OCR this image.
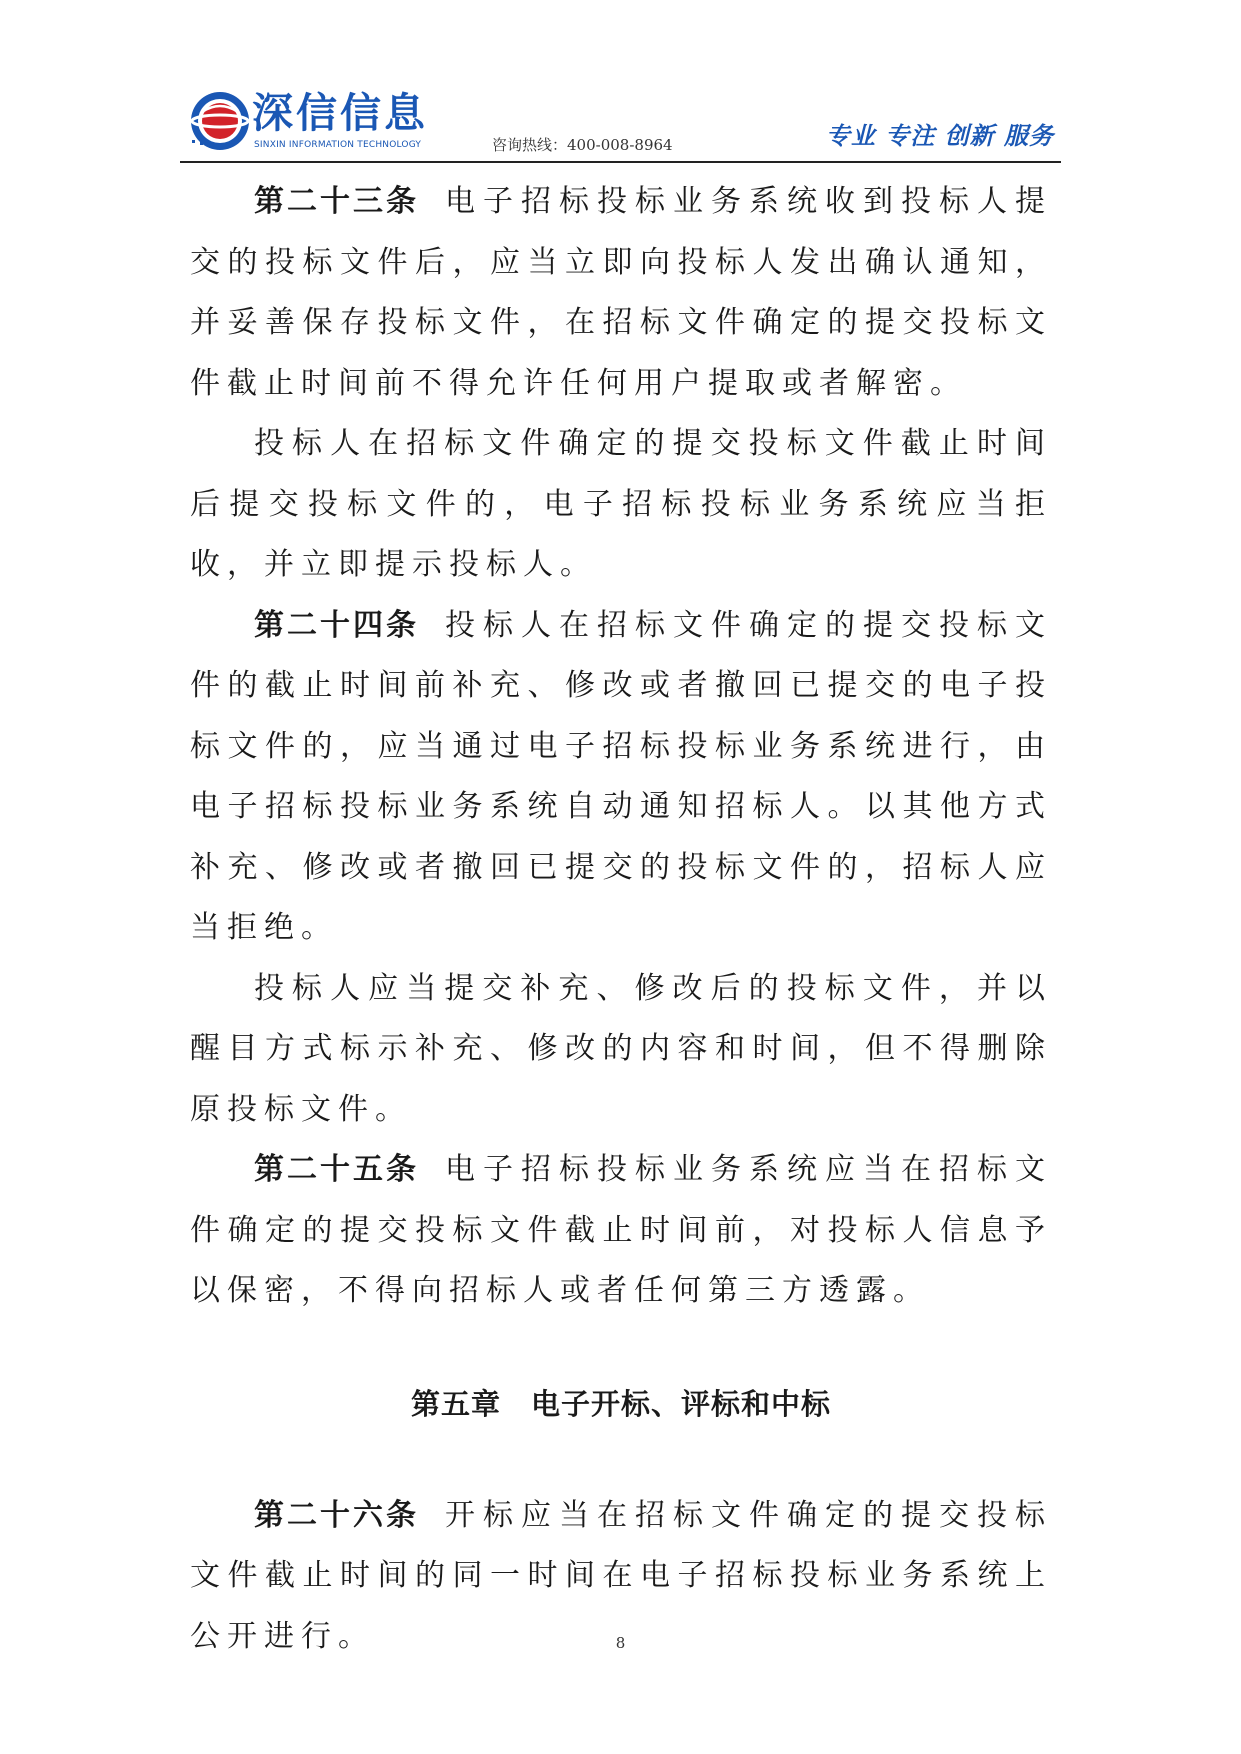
深信信息
SINXIN INFORMATION TECHNOLOGY	咨询热线：400-008-8964	专业 专注 创新 服务

第二十三条 电子招标投标业务系统收到投标人提交的投标文件后，应当立即向投标人发出确认通知，并妥善保存投标文件，在招标文件确定的提交投标文件截止时间前不得允许任何用户提取或者解密。

投标人在招标文件确定的提交投标文件截止时间后提交投标文件的，电子招标投标业务系统应当拒收，并立即提示投标人。

第二十四条 投标人在招标文件确定的提交投标文件的截止时间前补充、修改或者撤回已提交的电子投标文件的，应当通过电子招标投标业务系统进行，由电子招标投标业务系统自动通知招标人。以其他方式补充、修改或者撤回已提交的投标文件的，招标人应当拒绝。

投标人应当提交补充、修改后的投标文件，并以醒目方式标示补充、修改的内容和时间，但不得删除原投标文件。

第二十五条 电子招标投标业务系统应当在招标文件确定的提交投标文件截止时间前，对投标人信息予以保密，不得向招标人或者任何第三方透露。

第五章 电子开标、评标和中标

第二十六条 开标应当在招标文件确定的提交投标文件截止时间的同一时间在电子招标投标业务系统上公开进行。	8
